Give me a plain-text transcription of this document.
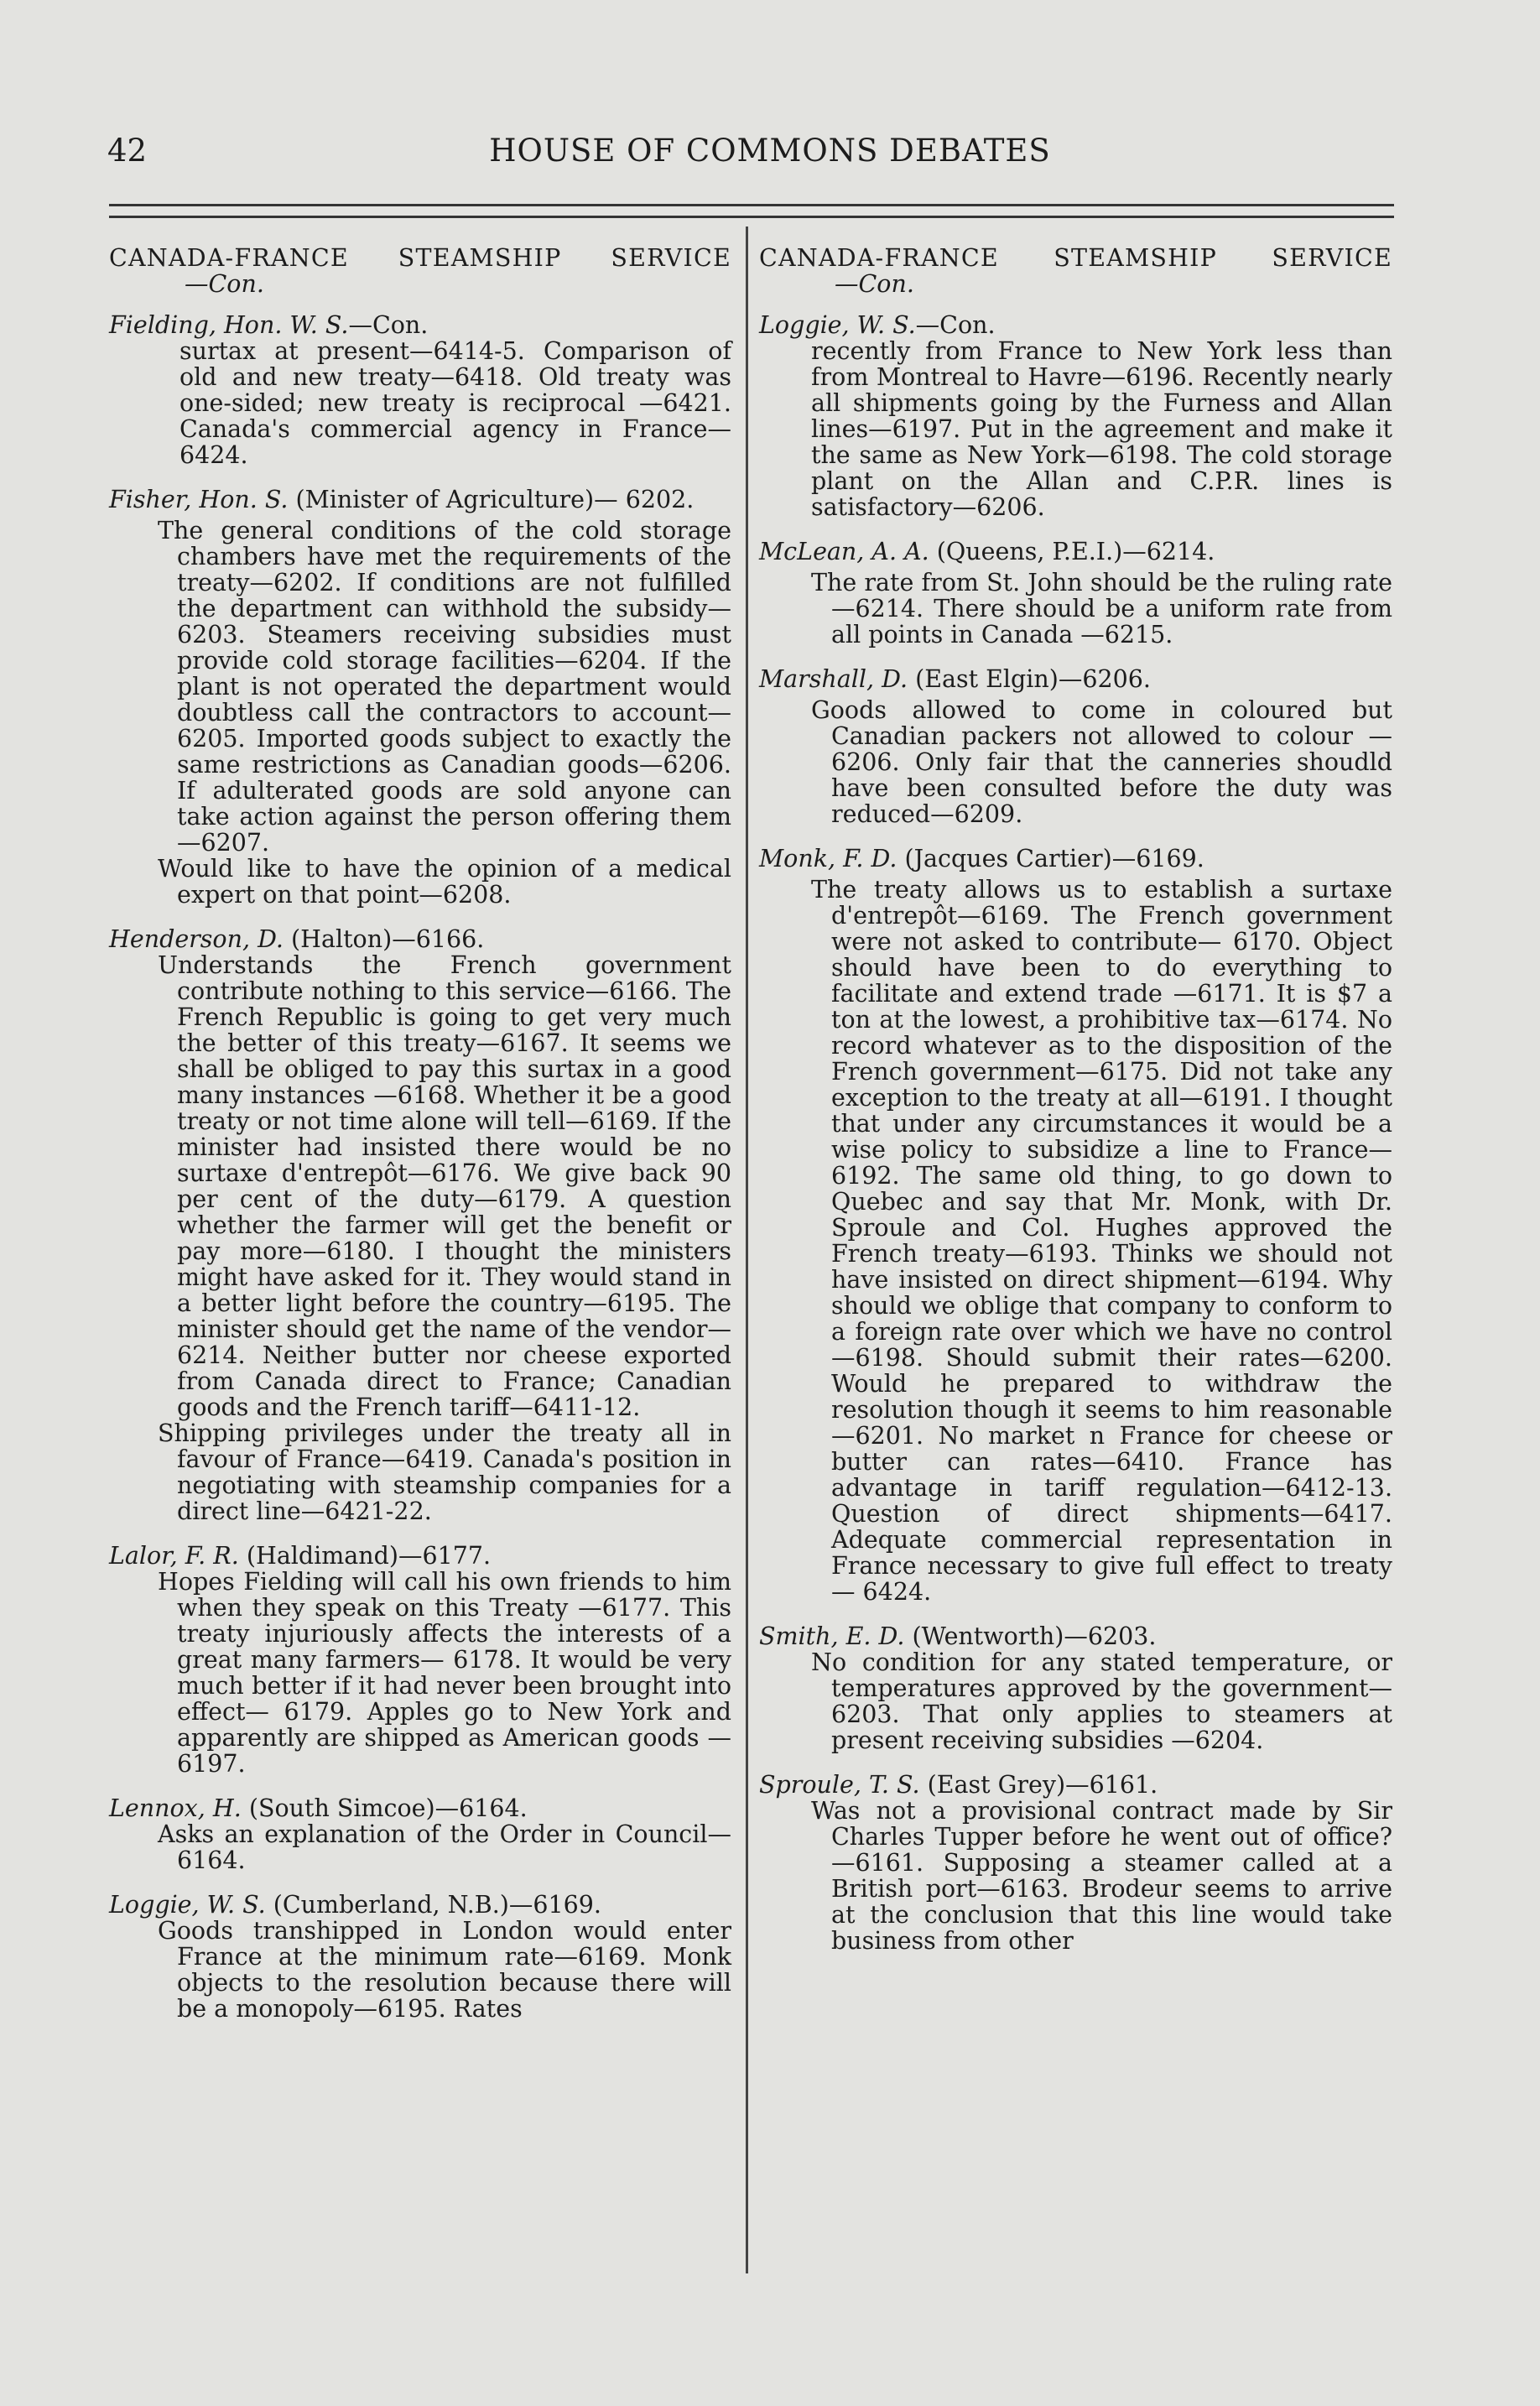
42	HOUSE OF COMMONS DEBATES
CANADA-FRANCE STEAMSHIP SERVICE
—Con.
Fielding, Hon. W. S.—Con.
surtax at present—6414-5. Comparison of old and new treaty—6418. Old treaty was one-sided; new treaty is reciprocal —6421. Canada's commercial agency in France—6424.
Fisher, Hon. S. (Minister of Agriculture)— 6202.
The general conditions of the cold storage chambers have met the requirements of the treaty—6202. If conditions are not fulfilled the department can withhold the subsidy—6203. Steamers receiving subsidies must provide cold storage facilities—6204. If the plant is not operated the department would doubtless call the contractors to account—6205. Imported goods subject to exactly the same restrictions as Canadian goods—6206. If adulterated goods are sold anyone can take action against the person offering them—6207.
Would like to have the opinion of a medical expert on that point—6208.
Henderson, D. (Halton)—6166.
Understands the French government contribute nothing to this service—6166. The French Republic is going to get very much the better of this treaty—6167. It seems we shall be obliged to pay this surtax in a good many instances —6168. Whether it be a good treaty or not time alone will tell—6169. If the minister had insisted there would be no surtaxe d'entrepôt—6176. We give back 90 per cent of the duty—6179. A question whether the farmer will get the benefit or pay more—6180. I thought the ministers might have asked for it. They would stand in a better light before the country—6195. The minister should get the name of the vendor—6214. Neither butter nor cheese exported from Canada direct to France; Canadian goods and the French tariff—6411-12.
Shipping privileges under the treaty all in favour of France—6419. Canada's position in negotiating with steamship companies for a direct line—6421-22.
Lalor, F. R. (Haldimand)—6177.
Hopes Fielding will call his own friends to him when they speak on this Treaty —6177. This treaty injuriously affects the interests of a great many farmers— 6178. It would be very much better if it had never been brought into effect— 6179. Apples go to New York and apparently are shipped as American goods —6197.
Lennox, H. (South Simcoe)—6164.
Asks an explanation of the Order in Council—6164.
Loggie, W. S. (Cumberland, N.B.)—6169.
Goods transhipped in London would enter France at the minimum rate—6169. Monk objects to the resolution because there will be a monopoly—6195. Rates
CANADA-FRANCE STEAMSHIP SERVICE
—Con.
Loggie, W. S.—Con.
recently from France to New York less than from Montreal to Havre—6196. Recently nearly all shipments going by the Furness and Allan lines—6197. Put in the agreement and make it the same as New York—6198. The cold storage plant on the Allan and C.P.R. lines is satisfactory—6206.
McLean, A. A. (Queens, P.E.I.)—6214.
The rate from St. John should be the ruling rate—6214. There should be a uniform rate from all points in Canada —6215.
Marshall, D. (East Elgin)—6206.
Goods allowed to come in coloured but Canadian packers not allowed to colour —6206. Only fair that the canneries shoudld have been consulted before the duty was reduced—6209.
Monk, F. D. (Jacques Cartier)—6169.
The treaty allows us to establish a surtaxe d'entrepôt—6169. The French government were not asked to contribute— 6170. Object should have been to do everything to facilitate and extend trade —6171. It is $7 a ton at the lowest, a prohibitive tax—6174. No record whatever as to the disposition of the French government—6175. Did not take any exception to the treaty at all—6191. I thought that under any circumstances it would be a wise policy to subsidize a line to France—6192. The same old thing, to go down to Quebec and say that Mr. Monk, with Dr. Sproule and Col. Hughes approved the French treaty—6193. Thinks we should not have insisted on direct shipment—6194. Why should we oblige that company to conform to a foreign rate over which we have no control—6198. Should submit their rates—6200. Would he prepared to withdraw the resolution though it seems to him reasonable—6201. No market n France for cheese or butter can rates—6410. France has advantage in tariff regulation—6412-13. Question of direct shipments—6417. Adequate commercial representation in France necessary to give full effect to treaty— 6424.
Smith, E. D. (Wentworth)—6203.
No condition for any stated temperature, or temperatures approved by the government—6203. That only applies to steamers at present receiving subsidies —6204.
Sproule, T. S. (East Grey)—6161.
Was not a provisional contract made by Sir Charles Tupper before he went out of office?—6161. Supposing a steamer called at a British port—6163. Brodeur seems to arrive at the conclusion that this line would take business from other
